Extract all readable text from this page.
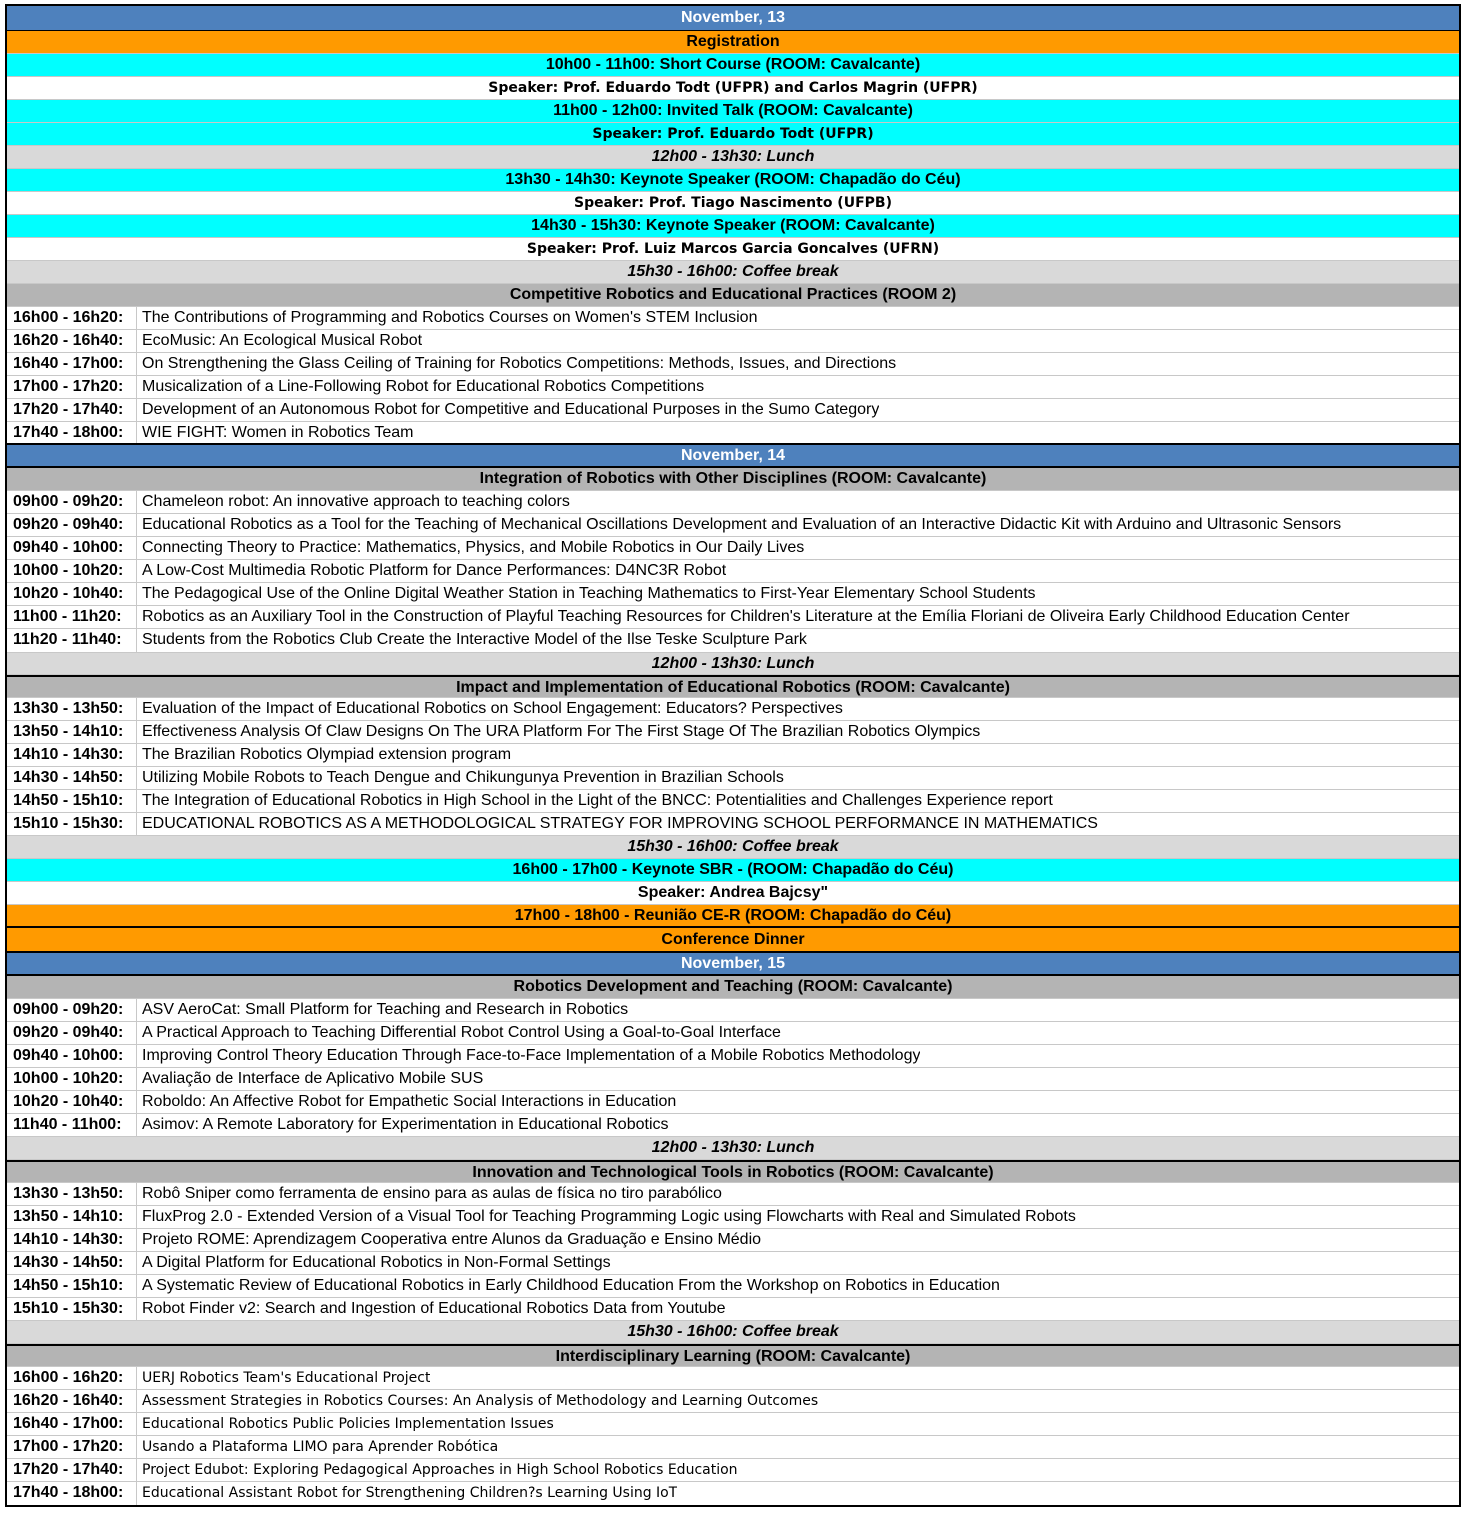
November, 13
Registration
10h00 - 11h00: Short Course (ROOM: Cavalcante)
Speaker: Prof. Eduardo Todt (UFPR) and Carlos Magrin (UFPR)
11h00 - 12h00: Invited Talk (ROOM: Cavalcante)
Speaker: Prof. Eduardo Todt (UFPR)
12h00 - 13h30: Lunch
13h30 - 14h30: Keynote Speaker (ROOM: Chapadão do Céu)
Speaker: Prof. Tiago Nascimento (UFPB)
14h30 - 15h30: Keynote Speaker (ROOM: Cavalcante)
Speaker: Prof. Luiz Marcos Garcia Goncalves (UFRN)
15h30 - 16h00: Coffee break
Competitive Robotics and Educational Practices (ROOM 2)
16h00 - 16h20:	The Contributions of Programming and Robotics Courses on Women's STEM Inclusion
16h20 - 16h40:	EcoMusic: An Ecological Musical Robot
16h40 - 17h00:	On Strengthening the Glass Ceiling of Training for Robotics Competitions: Methods, Issues, and Directions
17h00 - 17h20:	Musicalization of a Line-Following Robot for Educational Robotics Competitions
17h20 - 17h40:	Development of an Autonomous Robot for Competitive and Educational Purposes in the Sumo Category
17h40 - 18h00:	WIE FIGHT: Women in Robotics Team
November, 14
Integration of Robotics with Other Disciplines (ROOM: Cavalcante)
09h00 - 09h20:	Chameleon robot: An innovative approach to teaching colors
09h20 - 09h40:	Educational Robotics as a Tool for the Teaching of Mechanical Oscillations Development and Evaluation of an Interactive Didactic Kit with Arduino and Ultrasonic Sensors
09h40 - 10h00:	Connecting Theory to Practice: Mathematics, Physics, and Mobile Robotics in Our Daily Lives
10h00 - 10h20:	A Low-Cost Multimedia Robotic Platform for Dance Performances: D4NC3R Robot
10h20 - 10h40:	The Pedagogical Use of the Online Digital Weather Station in Teaching Mathematics to First-Year Elementary School Students
11h00 - 11h20:	Robotics as an Auxiliary Tool in the Construction of Playful Teaching Resources for Children's Literature at the Emília Floriani de Oliveira Early Childhood Education Center
11h20 - 11h40:	Students from the Robotics Club Create the Interactive Model of the Ilse Teske Sculpture Park
12h00 - 13h30: Lunch
Impact and Implementation of Educational Robotics (ROOM: Cavalcante)
13h30 - 13h50:	Evaluation of the Impact of Educational Robotics on School Engagement: Educators? Perspectives
13h50 - 14h10:	Effectiveness Analysis Of Claw Designs On The URA Platform For The First Stage Of The Brazilian Robotics Olympics
14h10 - 14h30:	The Brazilian Robotics Olympiad extension program
14h30 - 14h50:	Utilizing Mobile Robots to Teach Dengue and Chikungunya Prevention in Brazilian Schools
14h50 - 15h10:	The Integration of Educational Robotics in High School in the Light of the BNCC: Potentialities and Challenges Experience report
15h10 - 15h30:	EDUCATIONAL ROBOTICS AS A METHODOLOGICAL STRATEGY FOR IMPROVING SCHOOL PERFORMANCE IN MATHEMATICS
15h30 - 16h00: Coffee break
16h00 - 17h00 - Keynote SBR - (ROOM: Chapadão do Céu)
Speaker: Andrea Bajcsy"
17h00 - 18h00 - Reunião CE-R (ROOM: Chapadão do Céu)
Conference Dinner
November, 15
Robotics Development and Teaching (ROOM: Cavalcante)
09h00 - 09h20:	ASV AeroCat: Small Platform for Teaching and Research in Robotics
09h20 - 09h40:	A Practical Approach to Teaching Differential Robot Control Using a Goal-to-Goal Interface
09h40 - 10h00:	Improving Control Theory Education Through Face-to-Face Implementation of a Mobile Robotics Methodology
10h00 - 10h20:	Avaliação de Interface de Aplicativo Mobile SUS
10h20 - 10h40:	Roboldo: An Affective Robot for Empathetic Social Interactions in Education
11h40 - 11h00:	Asimov: A Remote Laboratory for Experimentation in Educational Robotics
12h00 - 13h30: Lunch
Innovation and Technological Tools in Robotics (ROOM: Cavalcante)
13h30 - 13h50:	Robô Sniper como ferramenta de ensino para as aulas de física no tiro parabólico
13h50 - 14h10:	FluxProg 2.0 - Extended Version of a Visual Tool for Teaching Programming Logic using Flowcharts with Real and Simulated Robots
14h10 - 14h30:	Projeto ROME: Aprendizagem Cooperativa entre Alunos da Graduação e Ensino Médio
14h30 - 14h50:	A Digital Platform for Educational Robotics in Non-Formal Settings
14h50 - 15h10:	A Systematic Review of Educational Robotics in Early Childhood Education From the Workshop on Robotics in Education
15h10 - 15h30:	Robot Finder v2: Search and Ingestion of Educational Robotics Data from Youtube
15h30 - 16h00: Coffee break
Interdisciplinary Learning (ROOM: Cavalcante)
16h00 - 16h20:	UERJ Robotics Team's Educational Project
16h20 - 16h40:	Assessment Strategies in Robotics Courses: An Analysis of Methodology and Learning Outcomes
16h40 - 17h00:	Educational Robotics Public Policies Implementation Issues
17h00 - 17h20:	Usando a Plataforma LIMO para Aprender Robótica
17h20 - 17h40:	Project Edubot: Exploring Pedagogical Approaches in High School Robotics Education
17h40 - 18h00:	Educational Assistant Robot for Strengthening Children?s Learning Using IoT
